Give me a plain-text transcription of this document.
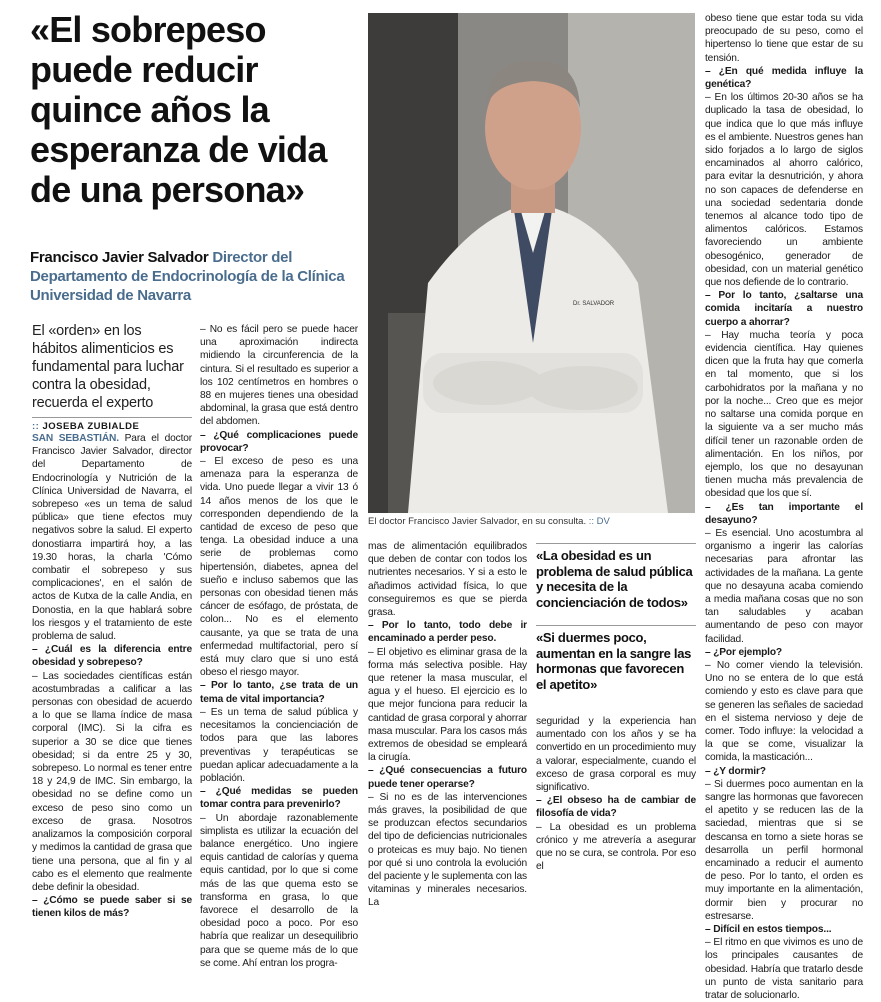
«El sobrepeso puede reducir quince años la esperanza de vida de una persona»

Francisco Javier Salvador Director del Departamento de Endocrinología de la Clínica Universidad de Navarra

El «orden» en los hábitos alimenticios es fundamental para luchar contra la obesidad, recuerda el experto

:: JOSEBA ZUBIALDE

SAN SEBASTIÁN. Para el doctor Francisco Javier Salvador, director del Departamento de Endocrinología y Nutrición de la Clínica Universidad de Navarra, el sobrepeso «es un tema de salud pública» que tiene efectos muy negativos sobre la salud. El experto donostiarra impartirá hoy, a las 19.30 horas, la charla 'Cómo combatir el sobrepeso y sus complicaciones', en el salón de actos de Kutxa de la calle Andia, en Donostia, en la que hablará sobre los riesgos y el tratamiento de este problema de salud.

– ¿Cuál es la diferencia entre obesidad y sobrepeso?

– Las sociedades científicas están acostumbradas a calificar a las personas con obesidad de acuerdo a lo que se llama índice de masa corporal (IMC). Si la cifra es superior a 30 se dice que tienes obesidad; si da entre 25 y 30, sobrepeso. Lo normal es tener entre 18 y 24,9 de IMC. Sin embargo, la obesidad no se define como un exceso de peso sino como un exceso de grasa. Nosotros analizamos la composición corporal y medimos la cantidad de grasa que tiene una persona, que al fin y al cabo es el elemento que realmente debe definir la obesidad.

– ¿Cómo se puede saber si se tienen kilos de más?

– No es fácil pero se puede hacer una aproximación indirecta midiendo la circunferencia de la cintura. Si el resultado es superior a los 102 centímetros en hombres o 88 en mujeres tienes una obesidad abdominal, la grasa que está dentro del abdomen.

– ¿Qué complicaciones puede provocar?

– El exceso de peso es una amenaza para la esperanza de vida. Uno puede llegar a vivir 13 ó 14 años menos de los que le corresponden dependiendo de la cantidad de exceso de peso que tenga. La obesidad induce a una serie de problemas como hipertensión, diabetes, apnea del sueño e incluso sabemos que las personas con obesidad tienen más cáncer de esófago, de próstata, de colon... No es el elemento causante, ya que se trata de una enfermedad multifactorial, pero sí está muy claro que si uno está obeso el riesgo mayor.

– Por lo tanto, ¿se trata de un tema de vital importancia?

– Es un tema de salud pública y necesitamos la concienciación de todos para que las labores preventivas y terapéuticas se puedan aplicar adecuadamente a la población.

– ¿Qué medidas se pueden tomar contra para prevenirlo?

– Un abordaje razonablemente simplista es utilizar la ecuación del balance energético. Uno ingiere equis cantidad de calorías y quema equis cantidad, por lo que si come más de las que quema esto se transforma en grasa, lo que favorece el desarrollo de la obesidad poco a poco. Por eso habría que realizar un desequilibrio para que se queme más de lo que se come. Ahí entran los progra-

Dr. SALVADOR
El doctor Francisco Javier Salvador, en su consulta. :: DV

mas de alimentación equilibrados que deben de contar con todos los nutrientes necesarios. Y si a esto le añadimos actividad física, lo que conseguiremos es que se pierda grasa.

– Por lo tanto, todo debe ir encaminado a perder peso.

– El objetivo es eliminar grasa de la forma más selectiva posible. Hay que retener la masa muscular, el agua y el hueso. El ejercicio es lo que mejor funciona para reducir la cantidad de grasa corporal y ahorrar masa muscular. Para los casos más extremos de obesidad se empleará la cirugía.

– ¿Qué consecuencias a futuro puede tener operarse?

– Si no es de las intervenciones más graves, la posibilidad de que se produzcan efectos secundarios del tipo de deficiencias nutricionales o proteicas es muy bajo. No tienen por qué si uno controla la evolución del paciente y le suplementa con las vitaminas y minerales necesarios. La

«La obesidad es un problema de salud pública y necesita de la concienciación de todos»

«Si duermes poco, aumentan en la sangre las hormonas que favorecen el apetito»

seguridad y la experiencia han aumentado con los años y se ha convertido en un procedimiento muy a valorar, especialmente, cuando el exceso de grasa corporal es muy significativo.

– ¿El obseso ha de cambiar de filosofía de vida?

– La obesidad es un problema crónico y me atrevería a asegurar que no se cura, se controla. Por eso el

obeso tiene que estar toda su vida preocupado de su peso, como el hipertenso lo tiene que estar de su tensión.

– ¿En qué medida influye la genética?

– En los últimos 20-30 años se ha duplicado la tasa de obesidad, lo que indica que lo que más influye es el ambiente. Nuestros genes han sido forjados a lo largo de siglos encaminados al ahorro calórico, para evitar la desnutrición, y ahora no son capaces de defenderse en una sociedad sedentaria donde tenemos al alcance todo tipo de alimentos calóricos. Estamos favoreciendo un ambiente obesogénico, generador de obesidad, con un material genético que nos defiende de lo contrario.

– Por lo tanto, ¿saltarse una comida incitaría a nuestro cuerpo a ahorrar?

– Hay mucha teoría y poca evidencia científica. Hay quienes dicen que la fruta hay que comerla en tal momento, que si los carbohidratos por la mañana y no por la noche... Creo que es mejor no saltarse una comida porque en la siguiente va a ser mucho más difícil tener un razonable orden de alimentación. En los niños, por ejemplo, los que no desayunan tienen mucha más prevalencia de obesidad que los que sí.

– ¿Es tan importante el desayuno?

– Es esencial. Uno acostumbra al organismo a ingerir las calorías necesarias para afrontar las actividades de la mañana. La gente que no desayuna acaba comiendo a media mañana cosas que no son tan saludables y acaban aumentando de peso con mayor facilidad.

– ¿Por ejemplo?

– No comer viendo la televisión. Uno no se entera de lo que está comiendo y esto es clave para que se generen las señales de saciedad en el sistema nervioso y deje de comer. Todo influye: la velocidad a la que se come, visualizar la comida, la masticación...

– ¿Y dormir?

– Si duermes poco aumentan en la sangre las hormonas que favorecen el apetito y se reducen las de la saciedad, mientras que si se descansa en torno a siete horas se desarrolla un perfil hormonal encaminado a reducir el aumento de peso. Por lo tanto, el orden es muy importante en la alimentación, dormir bien y procurar no estresarse.

– Difícil en estos tiempos...

– El ritmo en que vivimos es uno de los principales causantes de obesidad. Habría que tratarlo desde un punto de vista sanitario para tratar de solucionarlo.
